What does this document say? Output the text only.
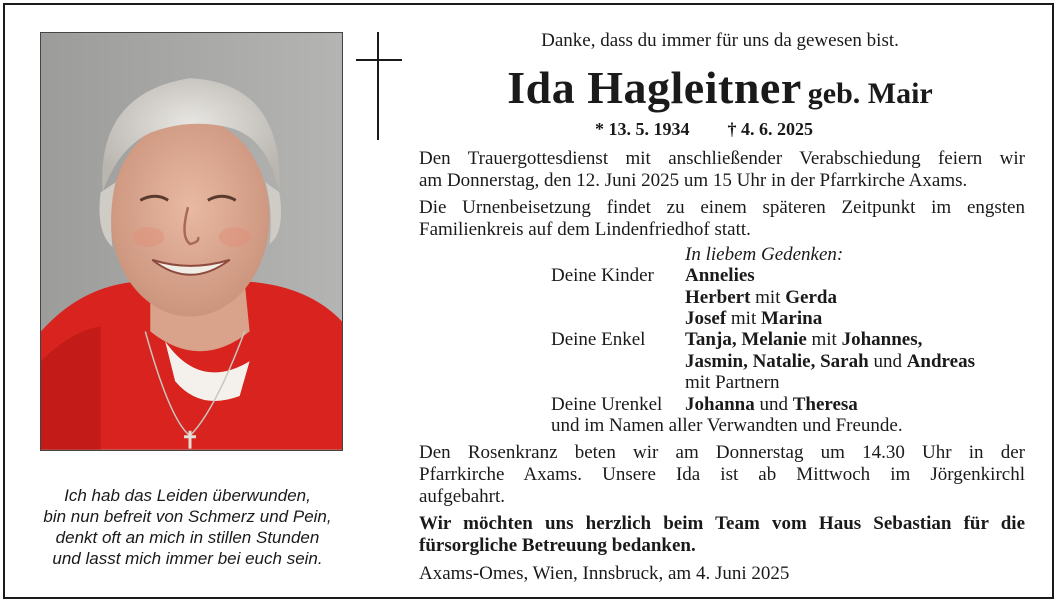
Ich hab das Leiden überwunden,
bin nun befreit von Schmerz und Pein,
denkt oft an mich in stillen Stunden
und lasst mich immer bei euch sein.
Danke, dass du immer für uns da gewesen bist.
Ida Hagleitner geb. Mair
* 13. 5. 1934 † 4. 6. 2025
Den Trauergottesdienst mit anschließender Verabschiedung feiern wir
am Donnerstag, den 12. Juni 2025 um 15 Uhr in der Pfarrkirche Axams.
Die Urnenbeisetzung findet zu einem späteren Zeitpunkt im engsten
Familienkreis auf dem Lindenfriedhof statt.
In liebem Gedenken:
Deine Kinder Annelies
Herbert mit Gerda
Josef mit Marina
Deine Enkel Tanja, Melanie mit Johannes,
Jasmin, Natalie, Sarah und Andreas
mit Partnern
Deine Urenkel Johanna und Theresa
und im Namen aller Verwandten und Freunde.
Den Rosenkranz beten wir am Donnerstag um 14.30 Uhr in der
Pfarrkirche Axams. Unsere Ida ist ab Mittwoch im Jörgenkirchl
aufgebahrt.
Wir möchten uns herzlich beim Team vom Haus Sebastian für die
fürsorgliche Betreuung bedanken.
Axams-Omes, Wien, Innsbruck, am 4. Juni 2025
